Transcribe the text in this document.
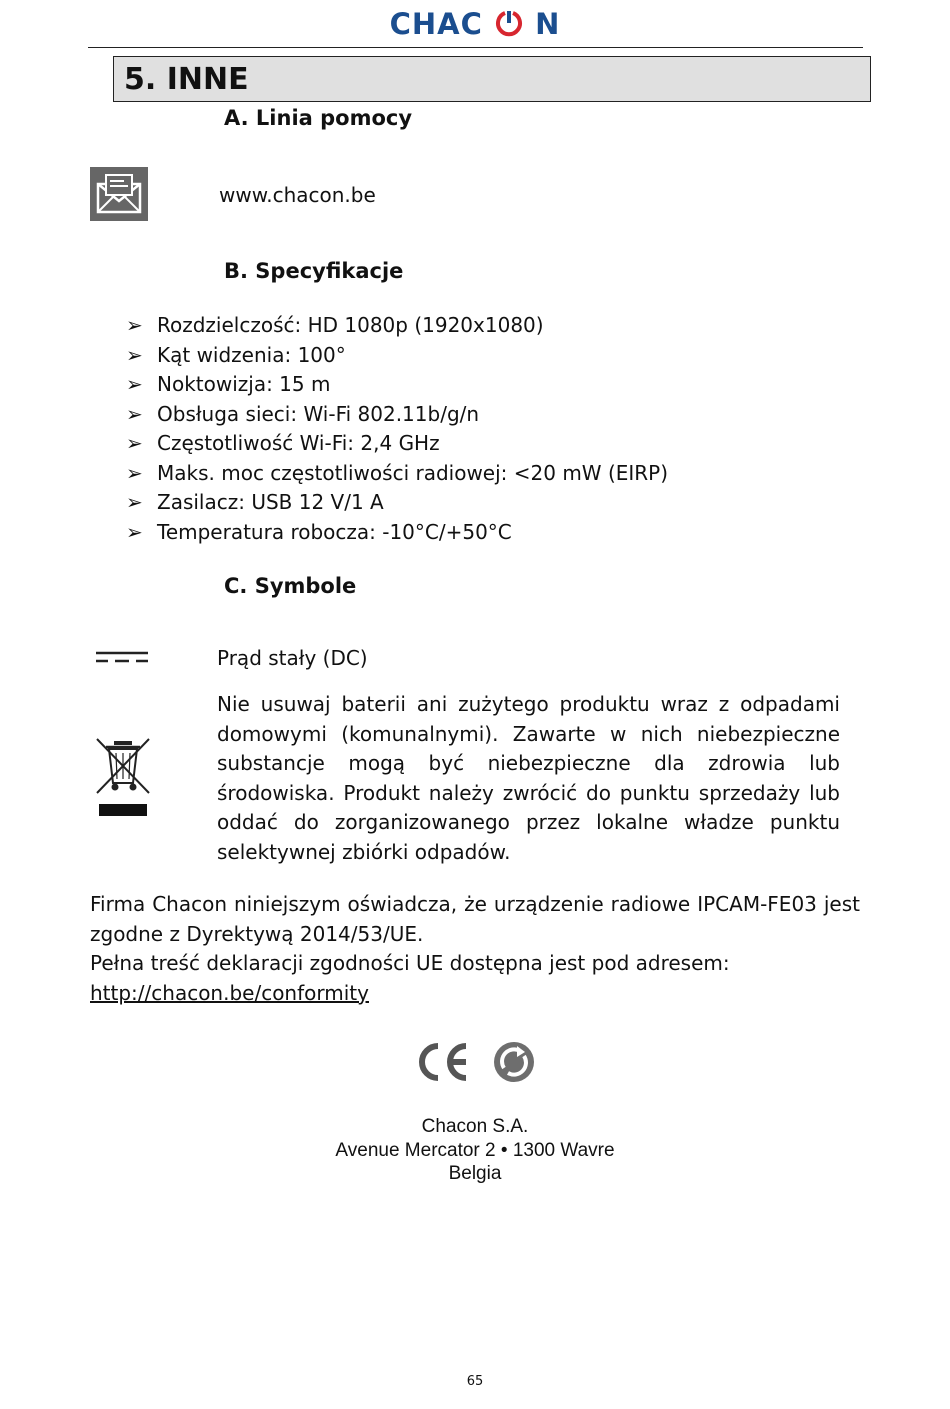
CHAC N
5. INNE
A. Linia pomocy
www.chacon.be
B. Specyfikacje
➢ Rozdzielczość: HD 1080p (1920x1080)
➢ Kąt widzenia: 100°
➢ Noktowizja: 15 m
➢ Obsługa sieci: Wi-Fi 802.11b/g/n
➢ Częstotliwość Wi-Fi: 2,4 GHz
➢ Maks. moc częstotliwości radiowej: <20 mW (EIRP)
➢ Zasilacz: USB 12 V/1 A
➢ Temperatura robocza: -10°C/+50°C
C. Symbole
Prąd stały (DC)
Nie usuwaj baterii ani zużytego produktu wraz z odpadami domowymi (komunalnymi). Zawarte w nich niebezpieczne substancje mogą być niebezpieczne dla zdrowia lub środowiska. Produkt należy zwrócić do punktu sprzedaży lub oddać do zorganizowanego przez lokalne władze punktu selektywnej zbiórki odpadów.

Firma Chacon niniejszym oświadcza, że urządzenie radiowe IPCAM-FE03 jest zgodne z Dyrektywą 2014/53/UE.

Pełna treść deklaracji zgodności UE dostępna jest pod adresem:

http://chacon.be/conformity

Chacon S.A.
Avenue Mercator 2 • 1300 Wavre
Belgia
65
